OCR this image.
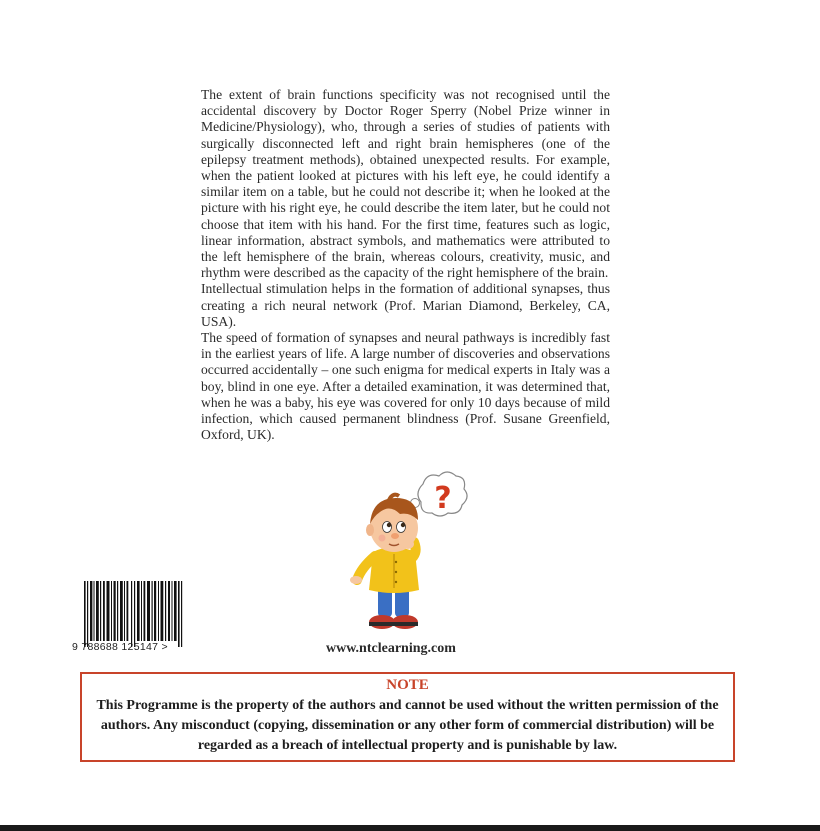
The extent of brain functions specificity was not recognised until the accidental discovery by Doctor Roger Sperry (Nobel Prize winner in Medicine/Physiology), who, through a series of studies of patients with surgically disconnected left and right brain hemispheres (one of the epilepsy treatment methods), obtained unexpected results. For example, when the patient looked at pictures with his left eye, he could identify a similar item on a table, but he could not describe it; when he looked at the picture with his right eye, he could describe the item later, but he could not choose that item with his hand. For the first time, features such as logic, linear information, abstract symbols, and mathematics were attributed to the left hemisphere of the brain, whereas colours, creativity, music, and rhythm were described as the capacity of the right hemisphere of the brain.

Intellectual stimulation helps in the formation of additional synapses, thus creating a rich neural network (Prof. Marian Diamond, Berkeley, CA, USA).

The speed of formation of synapses and neural pathways is incredibly fast in the earliest years of life. A large number of discoveries and observations occurred accidentally – one such enigma for medical experts in Italy was a boy, blind in one eye. After a detailed examination, it was determined that, when he was a baby, his eye was covered for only 10 days because of mild infection, which caused permanent blindness (Prof. Susane Greenfield, Oxford, UK).

?
9 788688 125147 >	www.ntclearning.com
NOTE
This Programme is the property of the authors and cannot be used without the written permission of the authors. Any misconduct (copying, dissemination or any other form of commercial distribution) will be regarded as a breach of intellectual property and is punishable by law.
